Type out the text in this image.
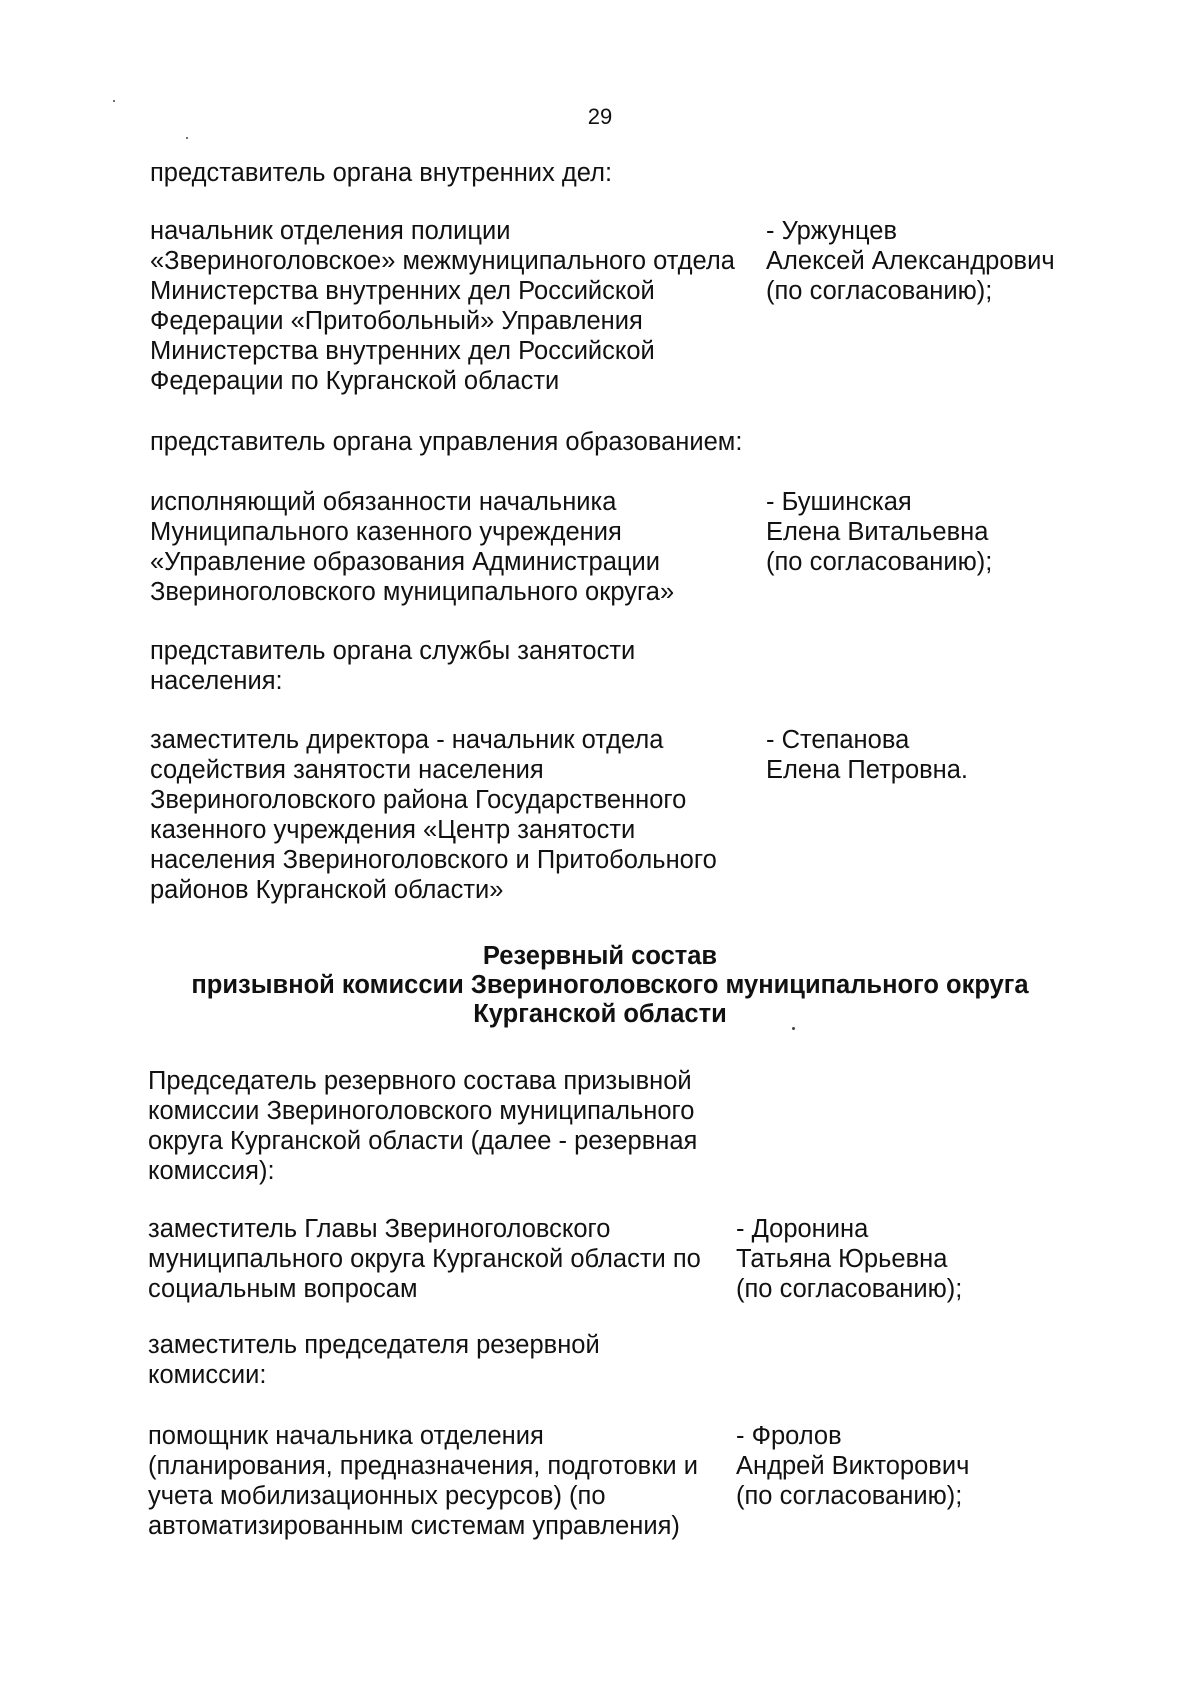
29

представитель органа внутренних дел:

начальник отделения полиции
«Звериноголовское» межмуниципального отдела
Министерства внутренних дел Российской
Федерации «Притобольный» Управления
Министерства внутренних дел Российской
Федерации по Курганской области

- Уржунцев
Алексей Александрович
(по согласованию);

представитель органа управления образованием:

исполняющий обязанности начальника
Муниципального казенного учреждения
«Управление образования Администрации
Звериноголовского муниципального округа»

- Бушинская
Елена Витальевна
(по согласованию);

представитель органа службы занятости
населения:

заместитель директора - начальник отдела
содействия занятости населения
Звериноголовского района Государственного
казенного учреждения «Центр занятости
населения Звериноголовского и Притобольного
районов Курганской области»

- Степанова
Елена Петровна.

Резервный состав
призывной комиссии Звериноголовского муниципального округа
Курганской области

Председатель резервного состава призывной
комиссии Звериноголовского муниципального
округа Курганской области (далее - резервная
комиссия):

заместитель Главы Звериноголовского
муниципального округа Курганской области по
социальным вопросам

- Доронина
Татьяна Юрьевна
(по согласованию);

заместитель председателя резервной
комиссии:

помощник начальника отделения
(планирования, предназначения, подготовки и
учета мобилизационных ресурсов) (по
автоматизированным системам управления)

- Фролов
Андрей Викторович
(по согласованию);
